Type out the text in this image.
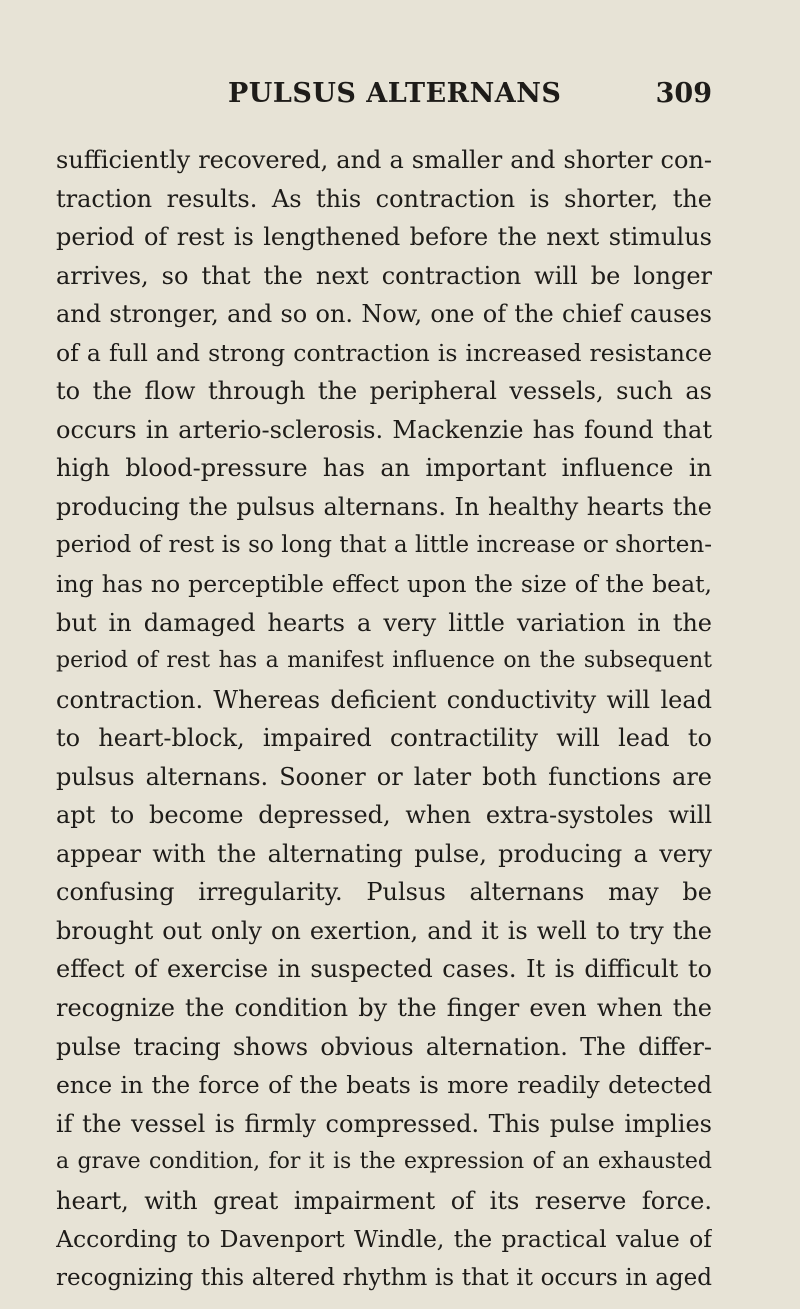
PULSUS ALTERNANS	309
sufficiently recovered, and a smaller and shorter con-
traction results. As this contraction is shorter, the
period of rest is lengthened before the next stimulus
arrives, so that the next contraction will be longer
and stronger, and so on. Now, one of the chief causes
of a full and strong contraction is increased resistance
to the flow through the peripheral vessels, such as
occurs in arterio-sclerosis. Mackenzie has found that
high blood-pressure has an important influence in
producing the pulsus alternans. In healthy hearts the
period of rest is so long that a little increase or shorten-
ing has no perceptible effect upon the size of the beat,
but in damaged hearts a very little variation in the
period of rest has a manifest influence on the subsequent
contraction. Whereas deficient conductivity will lead
to heart-block, impaired contractility will lead to
pulsus alternans. Sooner or later both functions are
apt to become depressed, when extra-systoles will
appear with the alternating pulse, producing a very
confusing irregularity. Pulsus alternans may be
brought out only on exertion, and it is well to try the
effect of exercise in suspected cases. It is difficult to
recognize the condition by the finger even when the
pulse tracing shows obvious alternation. The differ-
ence in the force of the beats is more readily detected
if the vessel is firmly compressed. This pulse implies
a grave condition, for it is the expression of an exhausted
heart, with great impairment of its reserve force.
According to Davenport Windle, the practical value of
recognizing this altered rhythm is that it occurs in aged
